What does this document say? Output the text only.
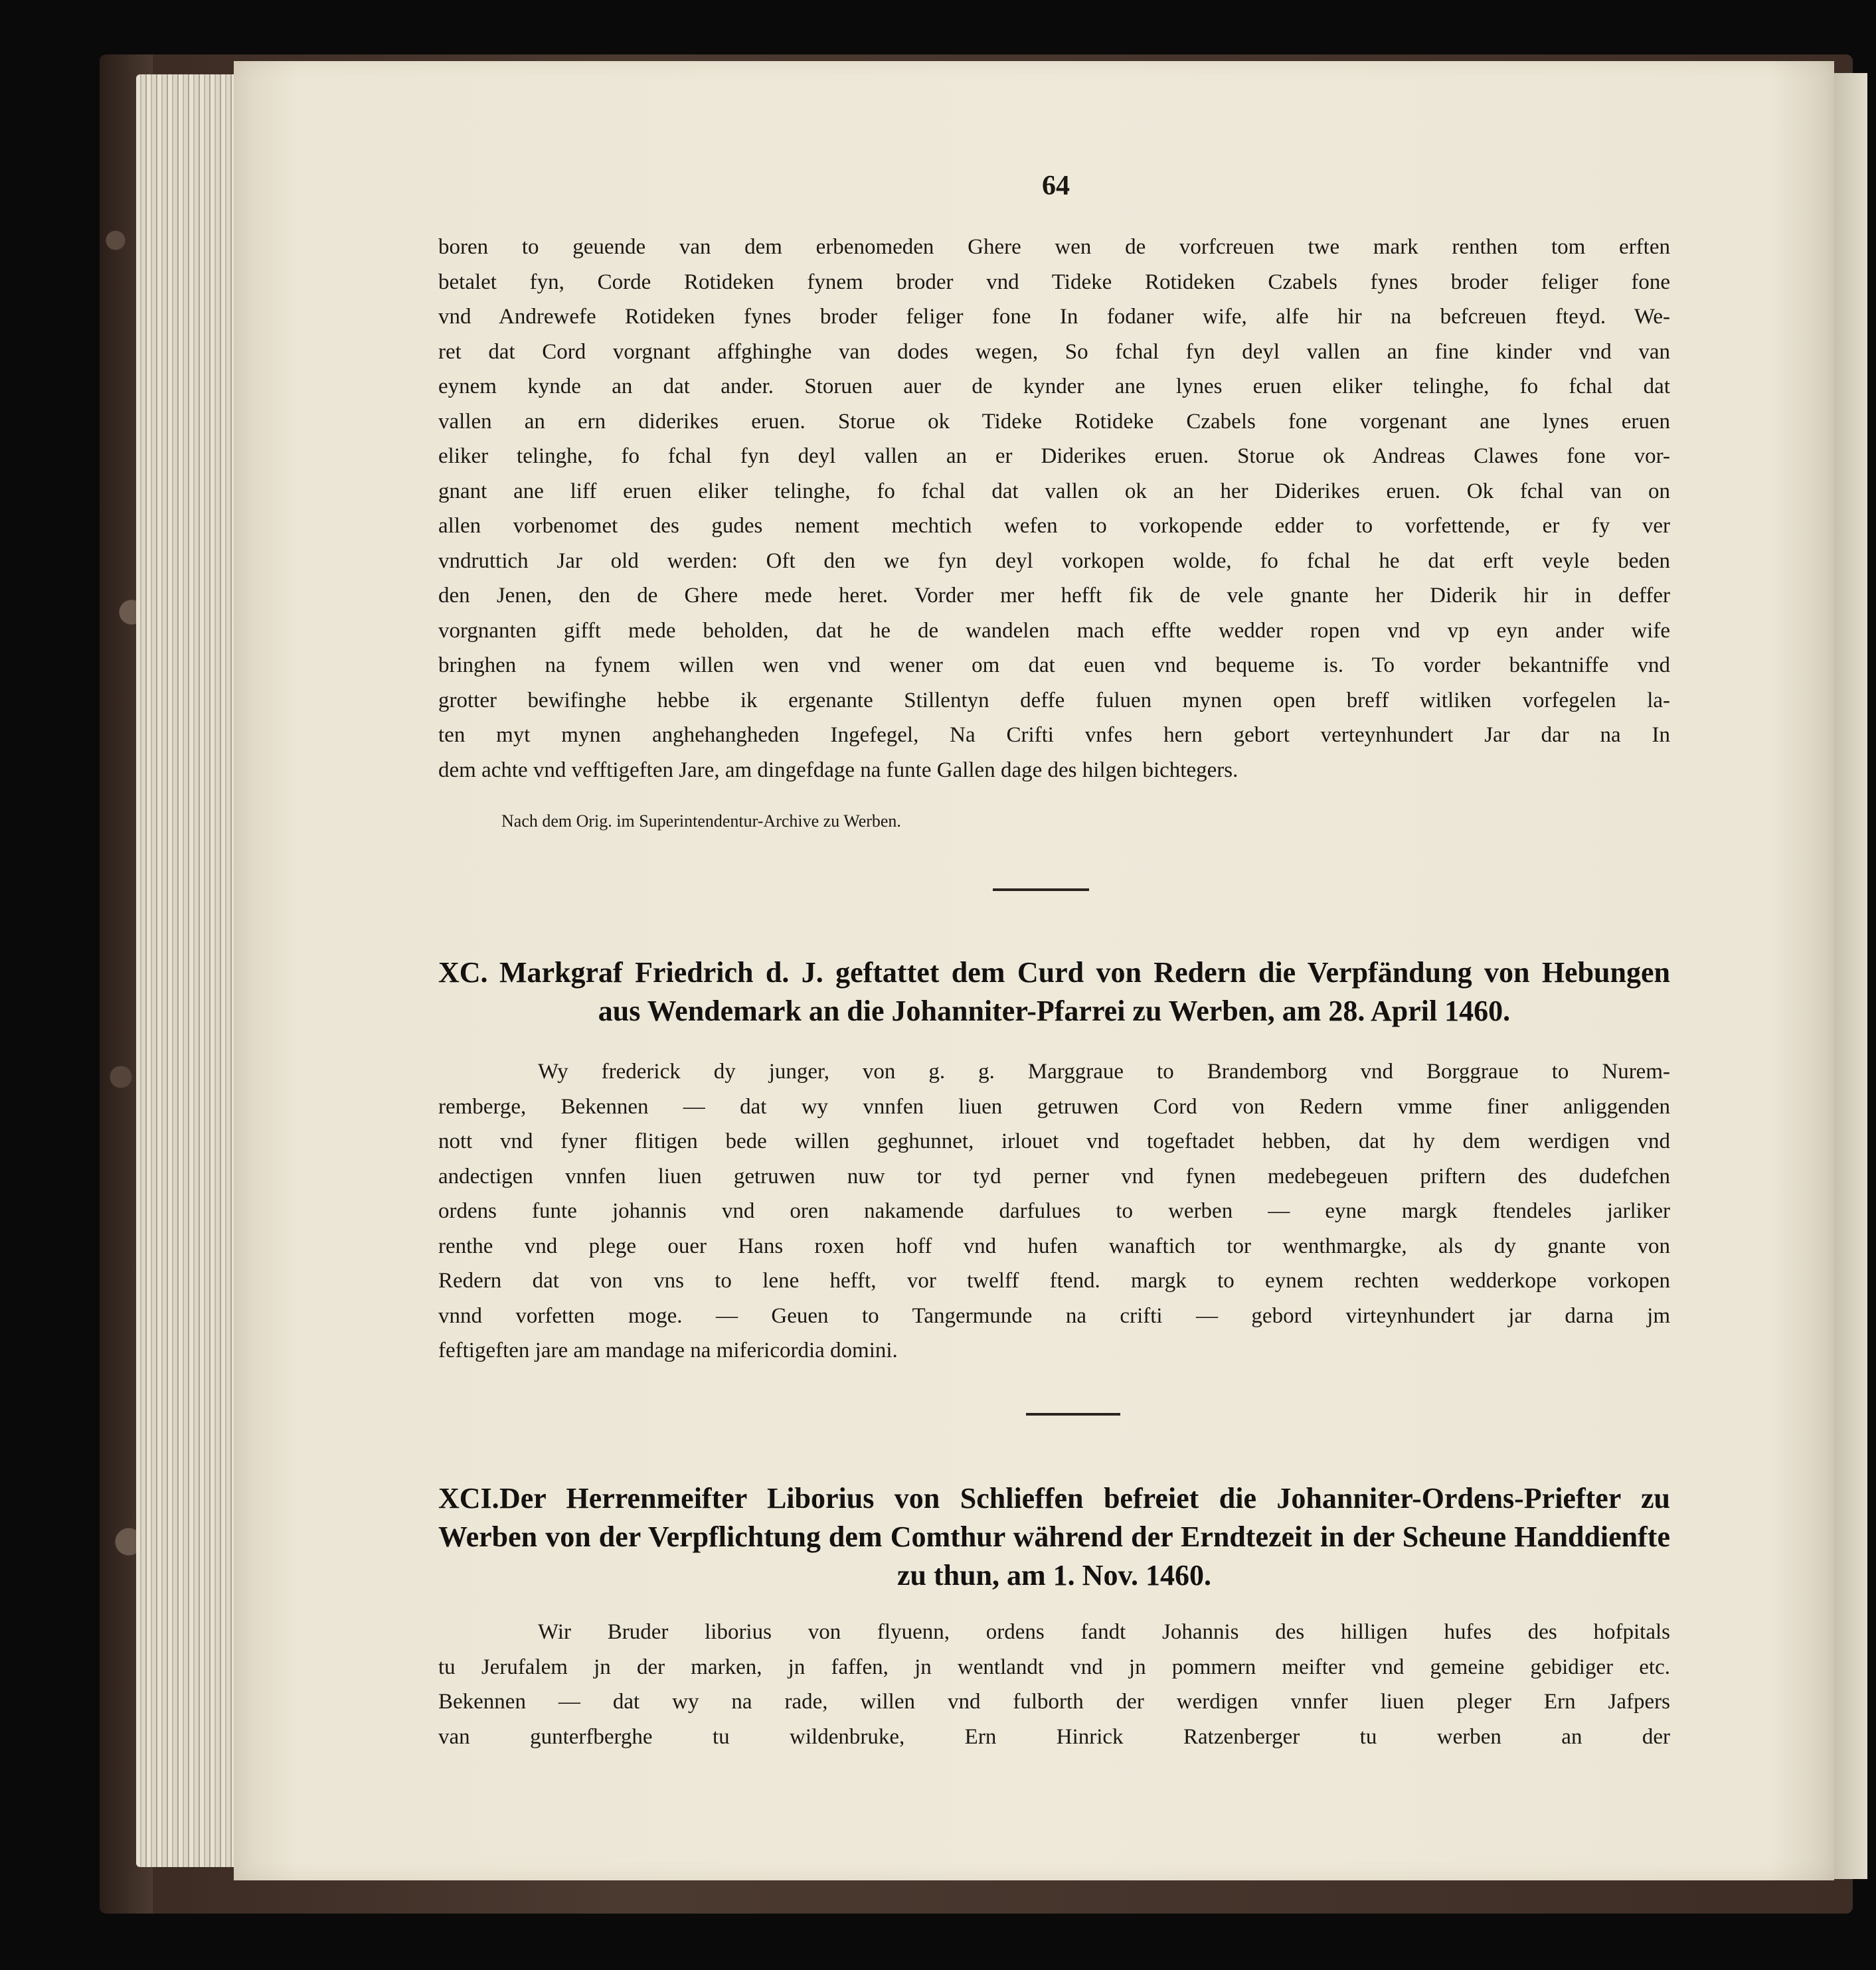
64
boren to geuende van dem erbenomeden Ghere wen de vorfcreuen twe mark renthen tom erften
betalet fyn, Corde Rotideken fynem broder vnd Tideke Rotideken Czabels fynes broder feliger fone
vnd Andrewefe Rotideken fynes broder feliger fone In fodaner wife, alfe hir na befcreuen fteyd. We-
ret dat Cord vorgnant affghinghe van dodes wegen, So fchal fyn deyl vallen an fine kinder vnd van
eynem kynde an dat ander. Storuen auer de kynder ane lynes eruen eliker telinghe, fo fchal dat
vallen an ern diderikes eruen. Storue ok Tideke Rotideke Czabels fone vorgenant ane lynes eruen
eliker telinghe, fo fchal fyn deyl vallen an er Diderikes eruen. Storue ok Andreas Clawes fone vor-
gnant ane liff eruen eliker telinghe, fo fchal dat vallen ok an her Diderikes eruen. Ok fchal van on
allen vorbenomet des gudes nement mechtich wefen to vorkopende edder to vorfettende, er fy ver
vndruttich Jar old werden: Oft den we fyn deyl vorkopen wolde, fo fchal he dat erft veyle beden
den Jenen, den de Ghere mede heret. Vorder mer hefft fik de vele gnante her Diderik hir in deffer
vorgnanten gifft mede beholden, dat he de wandelen mach effte wedder ropen vnd vp eyn ander wife
bringhen na fynem willen wen vnd wener om dat euen vnd bequeme is. To vorder bekantniffe vnd
grotter bewifinghe hebbe ik ergenante Stillentyn deffe fuluen mynen open breff witliken vorfegelen la-
ten myt mynen anghehangheden Ingefegel, Na Crifti vnfes hern gebort verteynhundert Jar dar na In
dem achte vnd vefftigeften Jare, am dingefdage na funte Gallen dage des hilgen bichtegers.
Nach dem Orig. im Superintendentur-Archive zu Werben.
XC. Markgraf Friedrich d. J. geftattet dem Curd von Redern die Verpfändung von Hebungen
aus Wendemark an die Johanniter-Pfarrei zu Werben, am 28. April 1460.
Wy frederick dy junger, von g. g. Marggraue to Brandemborg vnd Borggraue to Nurem-
remberge, Bekennen — dat wy vnnfen liuen getruwen Cord von Redern vmme finer anliggenden
nott vnd fyner flitigen bede willen geghunnet, irlouet vnd togeftadet hebben, dat hy dem werdigen vnd
andectigen vnnfen liuen getruwen nuw tor tyd perner vnd fynen medebegeuen priftern des dudefchen
ordens funte johannis vnd oren nakamende darfulues to werben — eyne margk ftendeles jarliker
renthe vnd plege ouer Hans roxen hoff vnd hufen wanaftich tor wenthmargke, als dy gnante von
Redern dat von vns to lene hefft, vor twelff ftend. margk to eynem rechten wedderkope vorkopen
vnnd vorfetten moge. — Geuen to Tangermunde na crifti — gebord virteynhundert jar darna jm
feftigeften jare am mandage na mifericordia domini.
XCI.Der Herrenmeifter Liborius von Schlieffen befreiet die Johanniter-Ordens-Priefter zu
Werben von der Verpflichtung dem Comthur während der Erndtezeit in der Scheune Handdienfte
zu thun, am 1. Nov. 1460.
Wir Bruder liborius von flyuenn, ordens fandt Johannis des hilligen hufes des hofpitals
tu Jerufalem jn der marken, jn faffen, jn wentlandt vnd jn pommern meifter vnd gemeine gebidiger etc.
Bekennen — dat wy na rade, willen vnd fulborth der werdigen vnnfer liuen pleger Ern Jafpers
van gunterfberghe tu wildenbruke, Ern Hinrick Ratzenberger tu werben an der
